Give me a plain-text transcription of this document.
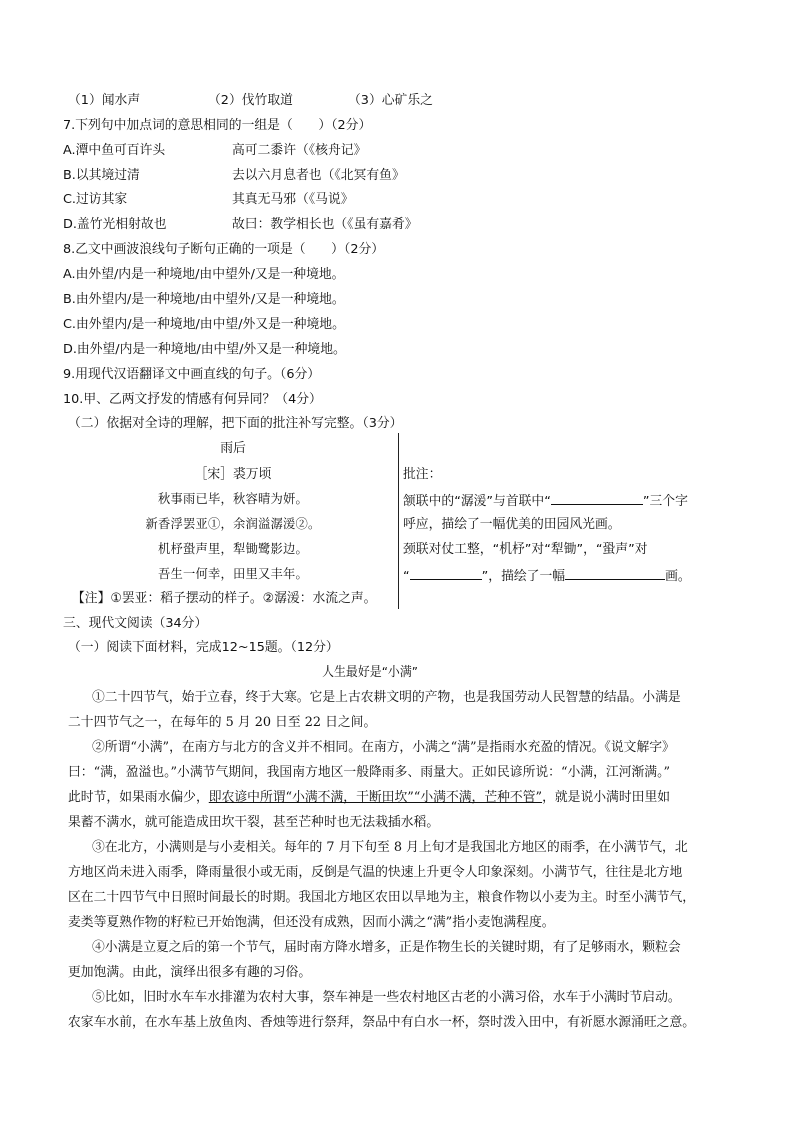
（1）闻水声	（2）伐竹取道	（3）心矿乐之
7.下列句中加点词的意思相同的一组是（　　）（2分）
A.潭中鱼可百许头	高可二黍许（《核舟记》
B.以其境过清	去以六月息者也（《北冥有鱼》
C.过访其家	其真无马邪（《马说》
D.盖竹光相射故也	故曰：教学相长也（《虽有嘉肴》
8.乙文中画波浪线句子断句正确的一项是（　　）（2分）
A.由外望/内是一种境地/由中望外/又是一种境地。
B.由外望内/是一种境地/由中望外/又是一种境地。
C.由外望内/是一种境地/由中望/外又是一种境地。
D.由外望/内是一种境地/由中望/外又是一种境地。
9.用现代汉语翻译文中画直线的句子。（6分）
10.甲、乙两文抒发的情感有何异同？（4分）
（二）依据对全诗的理解，把下面的批注补写完整。（3分）
雨后
［宋］裘万顷
秋事雨已毕，秋容晴为妍。
新香浮罢亚①，余润溢潺湲②。
机杼蛩声里，犁锄鹭影边。
吾生一何幸，田里又丰年。
【注】①罢亚：稻子摆动的样子。②潺湲：水流之声。
批注：
颔联中的“潺湲”与首联中“	”三个字
呼应，描绘了一幅优美的田园风光画。
颈联对仗工整，“机杼”对“犁锄”，“蛩声”对
“	”，描绘了一幅	画。
三、现代文阅读（34分）
（一）阅读下面材料，完成12~15题。（12分）
人生最好是“小满”
①二十四节气，始于立春，终于大寒。它是上古农耕文明的产物，也是我国劳动人民智慧的结晶。小满是
二十四节气之一，在每年的 5 月 20 日至 22 日之间。
②所谓“小满”，在南方与北方的含义并不相同。在南方，小满之“满”是指雨水充盈的情况。《说文解字》
曰：“满，盈溢也。”小满节气期间，我国南方地区一般降雨多、雨量大。正如民谚所说：“小满，江河渐满。”
此时节，如果雨水偏少，即农谚中所谓“小满不满，干断田坎”“小满不满，芒种不管”，就是说小满时田里如
果蓄不满水，就可能造成田坎干裂，甚至芒种时也无法栽插水稻。
③在北方，小满则是与小麦相关。每年的 7 月下旬至 8 月上旬才是我国北方地区的雨季，在小满节气，北
方地区尚未进入雨季，降雨量很小或无雨，反倒是气温的快速上升更令人印象深刻。小满节气，往往是北方地
区在二十四节气中日照时间最长的时期。我国北方地区农田以旱地为主，粮食作物以小麦为主。时至小满节气，
麦类等夏熟作物的籽粒已开始饱满，但还没有成熟，因而小满之“满”指小麦饱满程度。
④小满是立夏之后的第一个节气，届时南方降水增多，正是作物生长的关键时期，有了足够雨水，颗粒会
更加饱满。由此，演绎出很多有趣的习俗。
⑤比如，旧时水车车水排灌为农村大事，祭车神是一些农村地区古老的小满习俗，水车于小满时节启动。
农家车水前，在水车基上放鱼肉、香烛等进行祭拜，祭品中有白水一杯，祭时泼入田中，有祈愿水源涌旺之意。
